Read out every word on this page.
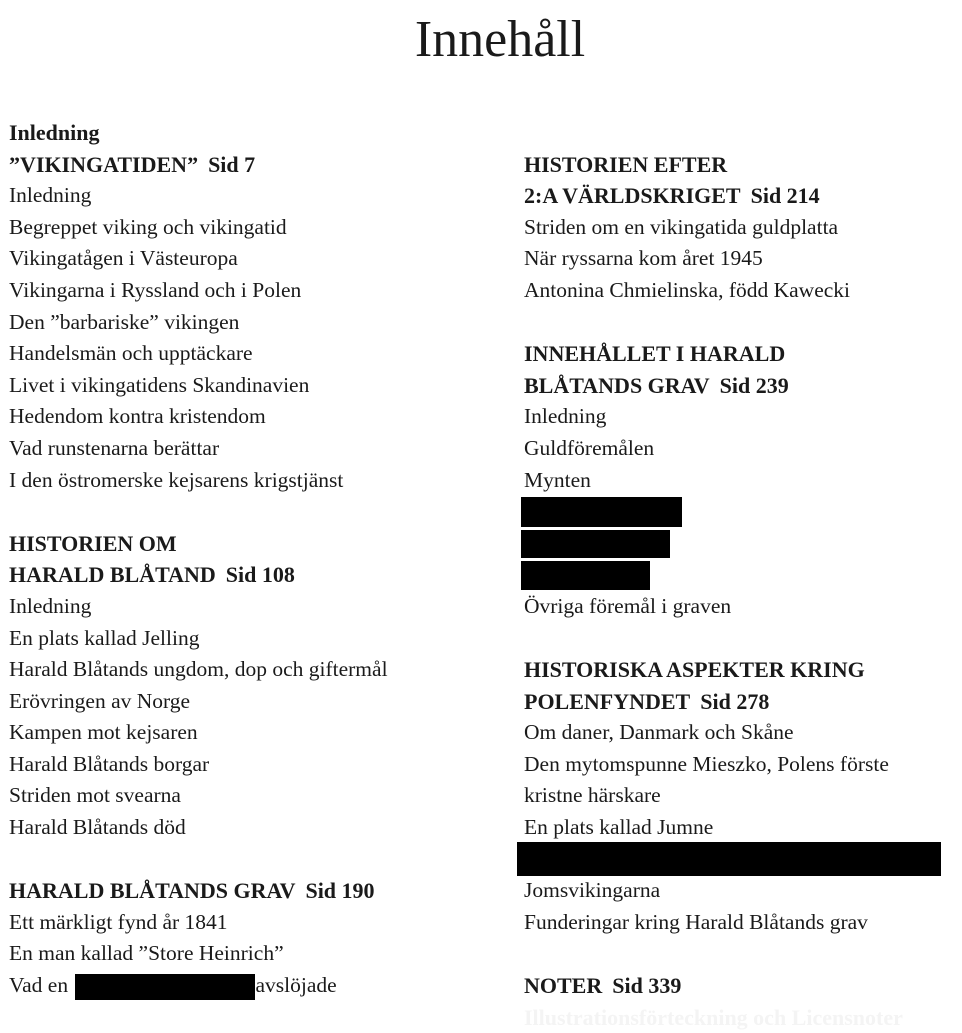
Innehåll
Inledning
”VIKINGATIDEN” Sid 7
Inledning
Begreppet viking och vikingatid
Vikingatågen i Västeuropa
Vikingarna i Ryssland och i Polen
Den ”barbariske” vikingen
Handelsmän och upptäckare
Livet i vikingatidens Skandinavien
Hedendom kontra kristendom
Vad runstenarna berättar
I den östromerske kejsarens krigstjänst
HISTORIEN OM
HARALD BLÅTAND Sid 108
Inledning
En plats kallad Jelling
Harald Blåtands ungdom, dop och giftermål
Erövringen av Norge
Kampen mot kejsaren
Harald Blåtands borgar
Striden mot svearna
Harald Blåtands död
HARALD BLÅTANDS GRAV Sid 190
Ett märkligt fynd år 1841
En man kallad ”Store Heinrich”
Vad en	avslöjade
HISTORIEN EFTER
2:A VÄRLDSKRIGET Sid 214
Striden om en vikingatida guldplatta
När ryssarna kom året 1945
Antonina Chmielinska, född Kawecki
INNEHÅLLET I HARALD
BLÅTANDS GRAV Sid 239
Inledning
Guldföremålen
Mynten
Övriga föremål i graven
HISTORISKA ASPEKTER KRING
POLENFYNDET Sid 278
Om daner, Danmark och Skåne
Den mytomspunne Mieszko, Polens förste
kristne härskare
En plats kallad Jumne
Jomsvikingarna
Funderingar kring Harald Blåtands grav
NOTER Sid 339
Illustrationsförteckning och Licensnoter
